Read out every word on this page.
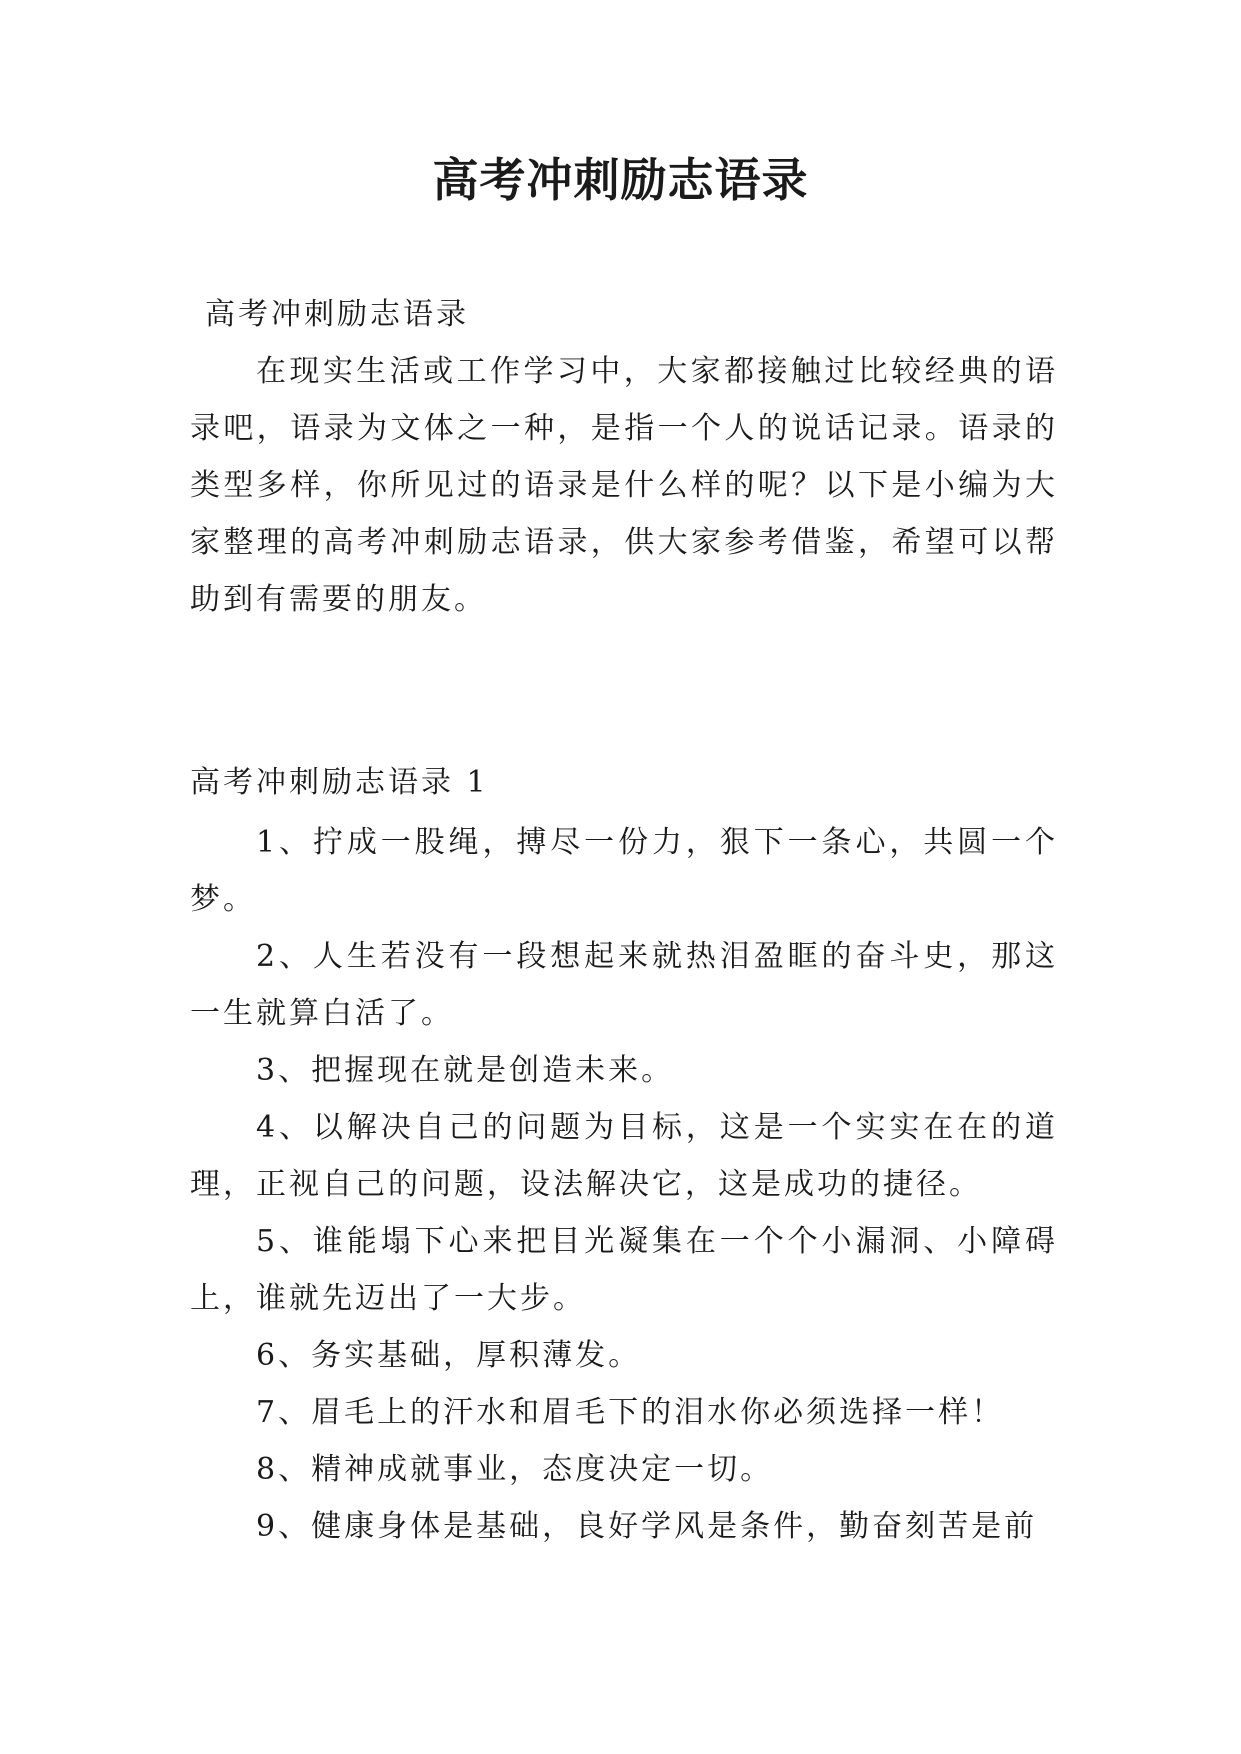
高考冲刺励志语录

高考冲刺励志语录

在现实生活或工作学习中，大家都接触过比较经典的语录吧，语录为文体之一种，是指一个人的说话记录。语录的类型多样，你所见过的语录是什么样的呢？以下是小编为大家整理的高考冲刺励志语录，供大家参考借鉴，希望可以帮助到有需要的朋友。

高考冲刺励志语录 1

1、拧成一股绳，搏尽一份力，狠下一条心，共圆一个梦。
2、人生若没有一段想起来就热泪盈眶的奋斗史，那这一生就算白活了。
3、把握现在就是创造未来。
4、以解决自己的问题为目标，这是一个实实在在的道理，正视自己的问题，设法解决它，这是成功的捷径。
5、谁能塌下心来把目光凝集在一个个小漏洞、小障碍上，谁就先迈出了一大步。
6、务实基础，厚积薄发。
7、眉毛上的汗水和眉毛下的泪水你必须选择一样！
8、精神成就事业，态度决定一切。
9、健康身体是基础，良好学风是条件，勤奋刻苦是前
